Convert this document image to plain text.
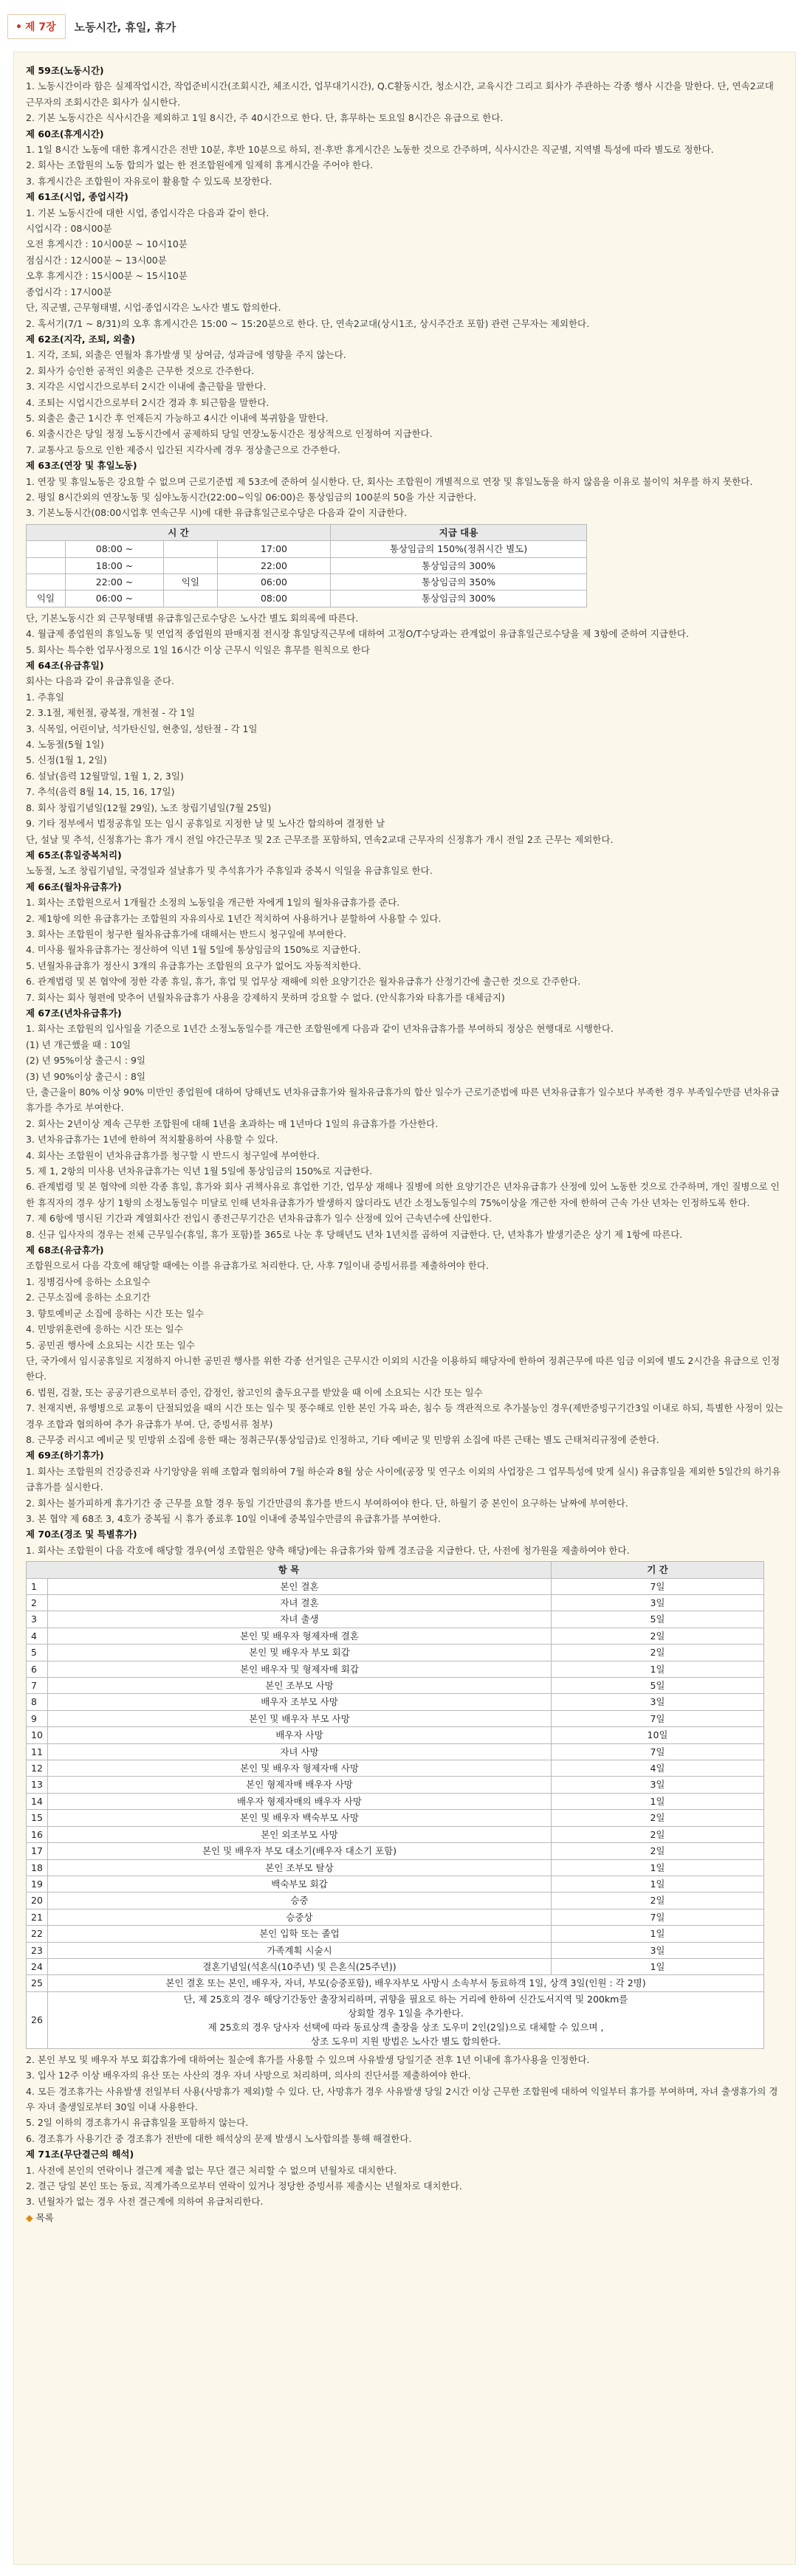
• 제 7장	노동시간, 휴일, 휴가

제 59조(노동시간)

1. 노동시간이라 함은 실제작업시간, 작업준비시간(조회시간, 체조시간, 업무대기시간), Q.C활동시간, 청소시간, 교육시간 그리고 회사가 주관하는 각종 행사 시간을 말한다. 단, 연속2교대 근무자의 조회시간은 회사가 실시한다.

2. 기본 노동시간은 식사시간을 제외하고 1일 8시간, 주 40시간으로 한다. 단, 휴무하는 토요일 8시간은 유급으로 한다.

제 60조(휴게시간)

1. 1일 8시간 노동에 대한 휴게시간은 전반 10분, 후반 10분으로 하되, 전·후반 휴게시간은 노동한 것으로 간주하며, 식사시간은 직군별, 지역별 특성에 따라 별도로 정한다.

2. 회사는 조합원의 노동 합의가 없는 한 전조합원에게 일제히 휴게시간을 주어야 한다.

3. 휴게시간은 조합원이 자유로이 활용할 수 있도록 보장한다.

제 61조(시업, 종업시각)

1. 기본 노동시간에 대한 시업, 종업시각은 다음과 같이 한다.

시업시각 : 08시00분

오전 휴게시간 : 10시00분 ~ 10시10분

점심시간 : 12시00분 ~ 13시00분

오후 휴게시간 : 15시00분 ~ 15시10분

종업시각 : 17시00분

단, 직군별, 근무형태별, 시업·종업시각은 노사간 별도 합의한다.

2. 혹서기(7/1 ~ 8/31)의 오후 휴게시간은 15:00 ~ 15:20분으로 한다. 단, 연속2교대(상시1조, 상시주간조 포함) 관련 근무자는 제외한다.

제 62조(지각, 조퇴, 외출)

1. 지각, 조퇴, 외출은 연월차 휴가발생 및 상여금, 성과금에 영향을 주지 않는다.

2. 회사가 승인한 공적인 외출은 근무한 것으로 간주한다.

3. 지각은 시업시간으로부터 2시간 이내에 출근함을 말한다.

4. 조퇴는 시업시간으로부터 2시간 경과 후 퇴근함을 말한다.

5. 외출은 출근 1시간 후 언제든지 가능하고 4시간 이내에 복귀함을 말한다.

6. 외출시간은 당일 정정 노동시간에서 공제하되 당일 연장노동시간은 정상적으로 인정하여 지급한다.

7. 교통사고 등으로 인한 제증시 입간된 지각사례 경우 정상출근으로 간주한다.

제 63조(연장 및 휴일노동)

1. 연장 및 휴일노동은 강요할 수 없으며 근로기준법 제 53조에 준하여 실시한다. 단, 회사는 조합원이 개별적으로 연장 및 휴일노동을 하지 않음을 이유로 불이익 처우를 하지 못한다.

2. 평일 8시간외의 연장노동 및 심야노동시간(22:00~익일 06:00)은 통상임금의 100분의 50을 가산 지급한다.

3. 기본노동시간(08:00시업후 연속근무 시)에 대한 유급휴일근로수당은 다음과 같이 지급한다.

시 간				지급 대용
	08:00 ~		17:00	통상임금의 150%(정취시간 별도)
	18:00 ~		22:00	통상임금의 300%
	22:00 ~	익일	06:00	통상임금의 350%
익일	06:00 ~		08:00	통상임금의 300%

단, 기본노동시간 외 근무형태별 유급휴일근로수당은 노사간 별도 회의록에 따른다.

4. 월급제 종업원의 휴일노동 및 연업적 종업원의 판매지점 전시장 휴일당직근무에 대하여 고정O/T수당과는 관계없이 유급휴일근로수당을 제 3항에 준하여 지급한다.

5. 회사는 특수한 업무사정으로 1일 16시간 이상 근무시 익일은 휴무를 원칙으로 한다

제 64조(유급휴일)

회사는 다음과 같이 유급휴일을 준다.

1. 주휴일

2. 3.1절, 제헌절, 광복절, 개천절 - 각 1일

3. 식목일, 어린이날, 석가탄신일, 현충일, 성탄절 - 각 1일

4. 노동절(5월 1일)

5. 신정(1월 1, 2일)

6. 설날(음력 12월말일, 1월 1, 2, 3일)

7. 추석(음력 8월 14, 15, 16, 17일)

8. 회사 창립기념일(12월 29일), 노조 창립기념일(7월 25일)

9. 기타 정부에서 법정공휴일 또는 임시 공휴일로 지정한 날 및 노사간 합의하여 결정한 날

단, 설날 및 추석, 신정휴가는 휴가 개시 전일 야간근무조 및 2조 근무조를 포함하되, 연속2교대 근무자의 신정휴가 개시 전일 2조 근무는 제외한다.

제 65조(휴일중복처리)

노동절, 노조 창립기념일, 국경일과 설날휴가 및 추석휴가가 주휴일과 중복시 익일을 유급휴일로 한다.

제 66조(월차유급휴가)

1. 회사는 조합원으로서 1개월간 소정의 노동일을 개근한 자에게 1일의 월차유급휴가를 준다.

2. 제1항에 의한 유급휴가는 조합원의 자유의사로 1년간 적치하여 사용하거나 분할하여 사용할 수 있다.

3. 회사는 조합원이 청구한 월차유급휴가에 대해서는 반드시 청구일에 부여한다.

4. 미사용 월차유급휴가는 정산하여 익년 1월 5일에 통상임금의 150%로 지급한다.

5. 년월차유급휴가 정산시 3개의 유급휴가는 조합원의 요구가 없어도 자동적치한다.

6. 관계법령 및 본 협약에 정한 각종 휴일, 휴가, 휴업 및 업무상 재해에 의한 요양기간은 월차유급휴가 산정기간에 출근한 것으로 간주한다.

7. 회사는 회사 형편에 맞추어 년월차유급휴가 사용을 강제하지 못하며 강요할 수 없다. (안식휴가와 타휴가를 대체금지)

제 67조(년차유급휴가)

1. 회사는 조합원의 입사일을 기준으로 1년간 소정노동일수를 개근한 조합원에게 다음과 같이 년차유급휴가를 부여하되 정상은 현행대로 시행한다.

(1) 년 개근했을 때 : 10일

(2) 년 95%이상 출근시 : 9일

(3) 년 90%이상 출근시 : 8일

단, 출근율이 80% 이상 90% 미만인 종업원에 대하여 당해년도 년차유급휴가와 월차유급휴가의 합산 일수가 근로기준법에 따른 년차유급휴가 일수보다 부족한 경우 부족일수만큼 년차유급휴가를 추가로 부여한다.

2. 회사는 2년이상 계속 근무한 조합원에 대해 1년을 초과하는 매 1년마다 1일의 유급휴가를 가산한다.

3. 년차유급휴가는 1년에 한하여 적치활용하여 사용할 수 있다.

4. 회사는 조합원이 년차유급휴가를 청구할 시 반드시 청구일에 부여한다.

5. 제 1, 2항의 미사용 년차유급휴가는 익년 1월 5일에 통상임금의 150%로 지급한다.

6. 관계법령 및 본 협약에 의한 각종 휴일, 휴가와 회사 귀책사유로 휴업한 기간, 업무상 재해나 질병에 의한 요양기간은 년차유급휴가 산정에 있어 노동한 것으로 간주하며, 개인 질병으로 인한 휴직자의 경우 상기 1항의 소정노동일수 미달로 인해 년차유급휴가가 발생하지 않더라도 년간 소정노동일수의 75%이상을 개근한 자에 한하여 근속 가산 년차는 인정하도록 한다.

7. 제 6항에 명시된 기간과 계열회사간 전입시 종전근무기간은 년차유급휴가 일수 산정에 있어 근속년수에 산입한다.

8. 신규 입사자의 경우는 전체 근무일수(휴일, 휴가 포함)를 365로 나눈 후 당해년도 년차 1년치를 곱하여 지급한다. 단, 년차휴가 발생기준은 상기 제 1항에 따른다.

제 68조(유급휴가)

조합원으로서 다음 각호에 해당할 때에는 이를 유급휴가로 처리한다. 단, 사후 7일이내 증빙서류를 제출하여야 한다.

1. 징병검사에 응하는 소요일수

2. 근무소집에 응하는 소요기간

3. 향토예비군 소집에 응하는 시간 또는 일수

4. 민방위훈련에 응하는 시간 또는 일수

5. 공민권 행사에 소요되는 시간 또는 일수

단, 국가에서 임시공휴일로 지정하지 아니한 공민권 행사를 위한 각종 선거일은 근무시간 이외의 시간을 이용하되 해당자에 한하여 정취근무에 따른 임금 이외에 별도 2시간을 유급으로 인정한다.

6. 법원, 검찰, 또는 공공기관으로부터 증인, 감정인, 참고인의 출두요구를 받았을 때 이에 소요되는 시간 또는 일수

7. 천재지변, 유행병으로 교통이 단절되었을 때의 시간 또는 일수 및 풍수해로 인한 본인 가옥 파손, 침수 등 객관적으로 추가불능인 경우(제반증빙구기간3일 이내로 하되, 특별한 사정이 있는 경우 조합과 협의하여 추가 유급휴가 부여. 단, 증빙서류 첨부)

8. 근무중 러시고 예비군 및 민방위 소집에 응한 때는 정취근무(통상임금)로 인정하고, 기타 예비군 및 민방위 소집에 따른 근태는 별도 근태처리규정에 준한다.

제 69조(하기휴가)

1. 회사는 조합원의 건강증진과 사기앙양을 위해 조합과 협의하여 7월 하순과 8월 상순 사이에(공장 및 연구소 이외의 사업장은 그 업무특성에 맞게 실시) 유급휴일을 제외한 5일간의 하기유급휴가를 실시한다.

2. 회사는 불가피하게 휴가기간 중 근무를 요할 경우 동일 기간만큼의 휴가를 반드시 부여하여야 한다. 단, 하월기 중 본인이 요구하는 날짜에 부여한다.

3. 본 협약 제 68조 3, 4호가 중복될 시 휴가 종료후 10일 이내에 중복일수만큼의 유급휴가를 부여한다.

제 70조(경조 및 특별휴가)

1. 회사는 조합원이 다음 각호에 해당할 경우(여성 조합원은 양측 해당)에는 유급휴가와 함께 경조금을 지급한다. 단, 사전에 청가원을 제출하여야 한다.

항 목		기 간
1	본인 결혼	7일
2	자녀 결혼	3일
3	자녀 출생	5일
4	본인 및 배우자 형제자매 결혼	2일
5	본인 및 배우자 부모 회갑	2일
6	본인 배우자 및 형제자매 회갑	1일
7	본인 조부모 사망	5일
8	배우자 조부모 사망	3일
9	본인 및 배우자 부모 사망	7일
10	배우자 사망	10일
11	자녀 사망	7일
12	본인 및 배우자 형제자매 사망	4일
13	본인 형제자매 배우자 사망	3일
14	배우자 형제자매의 배우자 사망	1일
15	본인 및 배우자 백숙부모 사망	2일
16	본인 외조부모 사망	2일
17	본인 및 배우자 부모 대소기(배우자 대소기 포함)	2일
18	본인 조부모 탈상	1일
19	백숙부모 회갑	1일
20	승중	2일
21	승중상	7일
22	본인 입학 또는 졸업	1일
23	가족계획 시술시	3일
24	결혼기념일(석혼식(10주년) 및 은혼식(25주년))	1일
25	본인 결혼 또는 본인, 배우자, 자녀, 부모(승중포함), 배우자부모 사망시 소속부서 동료하객 1일, 상객 3일(인원 : 각 2명)	
26	단, 제 25호의 경우 해당기간동안 출장처리하며, 귀향을 필요로 하는 거리에 한하여 신간도서지역 및 200km를
상회할 경우 1일을 추가한다.
제 25호의 경우 당사자 선택에 따라 동료상객 출장을 상조 도우미 2인(2일)으로 대체할 수 있으며 ,
상조 도우미 지원 방법은 노사간 별도 합의한다.	

2. 본인 부모 및 배우자 부모 회갑휴가에 대하여는 칠순에 휴가를 사용할 수 있으며 사유발생 당일기준 전후 1년 이내에 휴가사용을 인정한다.

3. 입사 12주 이상 배우자의 유산 또는 사산의 경우 자녀 사망으로 처리하며, 의사의 진단서를 제출하여야 한다.

4. 모든 경조휴가는 사유발생 전일부터 사용(사망휴가 제외)할 수 있다. 단, 사망휴가 경우 사유발생 당일 2시간 이상 근무한 조합원에 대하여 익일부터 휴가를 부여하며, 자녀 출생휴가의 경우 자녀 출생일로부터 30일 이내 사용한다.

5. 2일 이하의 경조휴가시 유급휴일을 포함하지 않는다.

6. 경조휴가 사용기간 중 경조휴가 전반에 대한 해석상의 문제 발생시 노사합의를 통해 해결한다.

제 71조(무단결근의 해석)

1. 사전에 본인의 연락이나 결근계 제출 없는 무단 결근 처리할 수 없으며 년월차로 대치한다.

2. 결근 당일 본인 또는 동료, 직계가족으로부터 연락이 있거나 정당한 증빙서류 제출시는 년월차로 대치한다.

3. 년월차가 없는 경우 사전 결근계에 의하여 유급처리한다.

◆ 목록
